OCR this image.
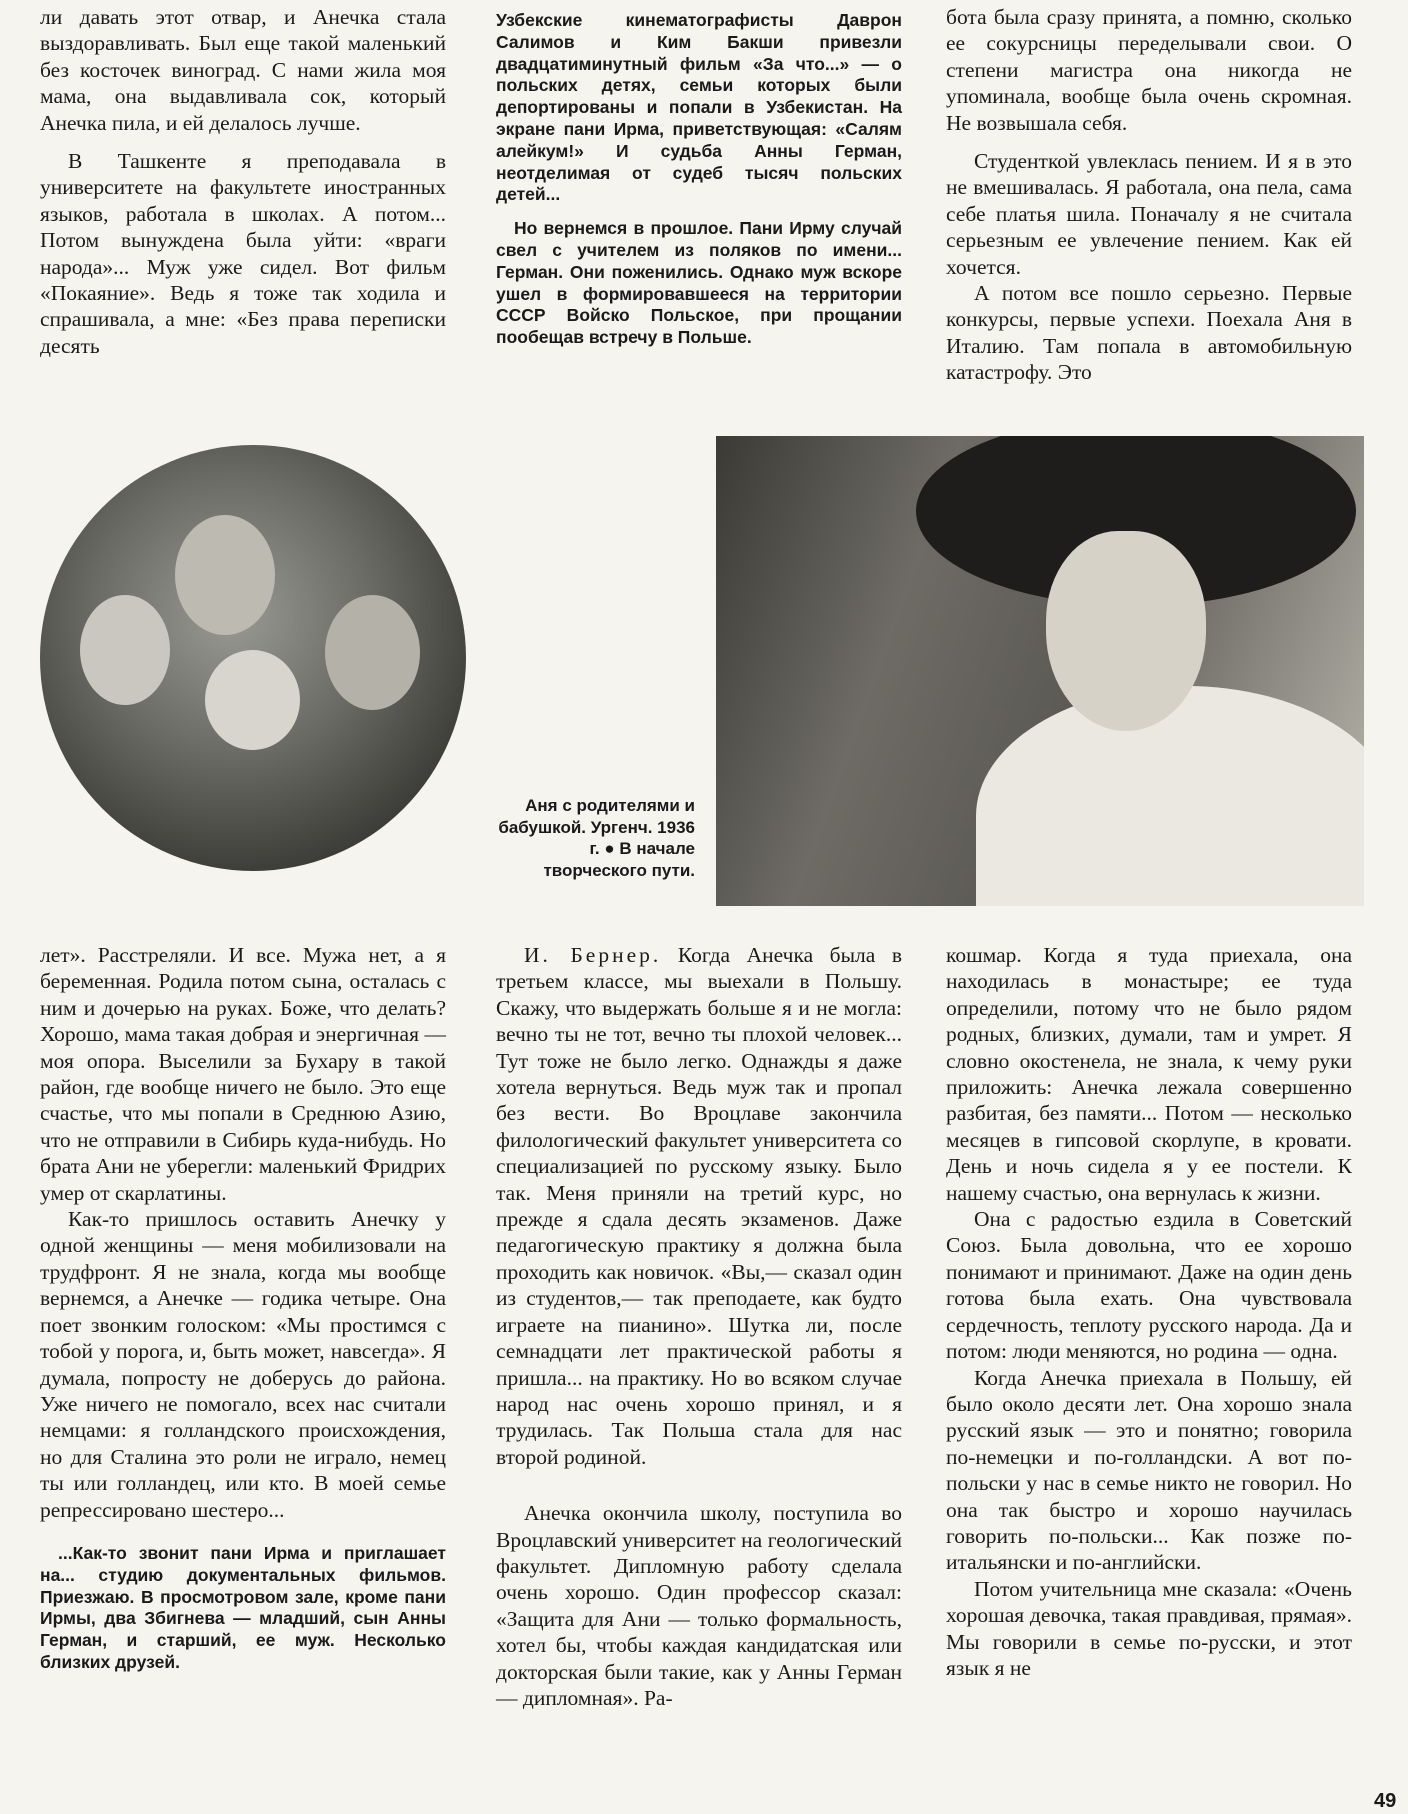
ли давать этот отвар, и Анечка стала выздоравливать. Был еще такой маленький без косточек виноград. С нами жила моя мама, она выдавливала сок, который Анечка пила, и ей делалось лучше.

В Ташкенте я преподавала в университете на факультете иностранных языков, работала в школах. А потом... Потом вынуждена была уйти: «враги народа»... Муж уже сидел. Вот фильм «Покаяние». Ведь я тоже так ходила и спрашивала, а мне: «Без права переписки десять

Узбекские кинематографисты Даврон Салимов и Ким Бакши привезли двадцатиминутный фильм «За что...» — о польских детях, семьи которых были депортированы и попали в Узбекистан. На экране пани Ирма, приветствующая: «Салям алейкум!» И судьба Анны Герман, неотделимая от судеб тысяч польских детей...

Но вернемся в прошлое. Пани Ирму случай свел с учителем из поляков по имени... Герман. Они поженились. Однако муж вскоре ушел в формировавшееся на территории СССР Войско Польское, при прощании пообещав встречу в Польше.

бота была сразу принята, а помню, сколько ее сокурсницы переделывали свои. О степени магистра она никогда не упоминала, вообще была очень скромная. Не возвышала себя.

Студенткой увлеклась пением. И я в это не вмешивалась. Я работала, она пела, сама себе платья шила. Поначалу я не считала серьезным ее увлечение пением. Как ей хочется.

А потом все пошло серьезно. Первые конкурсы, первые успехи. Поехала Аня в Италию. Там попала в автомобильную катастрофу. Это

Аня с родителями и бабушкой. Ургенч. 1936 г. ● В начале творческого пути.

лет». Расстреляли. И все. Мужа нет, а я беременная. Родила потом сына, осталась с ним и дочерью на руках. Боже, что делать? Хорошо, мама такая добрая и энергичная — моя опора. Выселили за Бухару в такой район, где вообще ничего не было. Это еще счастье, что мы попали в Среднюю Азию, что не отправили в Сибирь куда-нибудь. Но брата Ани не уберегли: маленький Фридрих умер от скарлатины.

Как-то пришлось оставить Анечку у одной женщины — меня мобилизовали на трудфронт. Я не знала, когда мы вообще вернемся, а Анечке — годика четыре. Она поет звонким голоском: «Мы простимся с тобой у порога, и, быть может, навсегда». Я думала, попросту не доберусь до района. Уже ничего не помогало, всех нас считали немцами: я голландского происхождения, но для Сталина это роли не играло, немец ты или голландец, или кто. В моей семье репрессировано шестеро...

...Как-то звонит пани Ирма и приглашает на... студию документальных фильмов. Приезжаю. В просмотровом зале, кроме пани Ирмы, два Збигнева — младший, сын Анны Герман, и старший, ее муж. Несколько близких друзей.

И. Бернер. Когда Анечка была в третьем классе, мы выехали в Польшу. Скажу, что выдержать больше я и не могла: вечно ты не тот, вечно ты плохой человек... Тут тоже не было легко. Однажды я даже хотела вернуться. Ведь муж так и пропал без вести. Во Вроцлаве закончила филологический факультет университета со специализацией по русскому языку. Было так. Меня приняли на третий курс, но прежде я сдала десять экзаменов. Даже педагогическую практику я должна была проходить как новичок. «Вы,— сказал один из студентов,— так преподаете, как будто играете на пианино». Шутка ли, после семнадцати лет практической работы я пришла... на практику. Но во всяком случае народ нас очень хорошо принял, и я трудилась. Так Польша стала для нас второй родиной.

Анечка окончила школу, поступила во Вроцлавский университет на геологический факультет. Дипломную работу сделала очень хорошо. Один профессор сказал: «Защита для Ани — только формальность, хотел бы, чтобы каждая кандидатская или докторская были такие, как у Анны Герман — дипломная». Ра-

кошмар. Когда я туда приехала, она находилась в монастыре; ее туда определили, потому что не было рядом родных, близких, думали, там и умрет. Я словно окостенела, не знала, к чему руки приложить: Анечка лежала совершенно разбитая, без памяти... Потом — несколько месяцев в гипсовой скорлупе, в кровати. День и ночь сидела я у ее постели. К нашему счастью, она вернулась к жизни.

Она с радостью ездила в Советский Союз. Была довольна, что ее хорошо понимают и принимают. Даже на один день готова была ехать. Она чувствовала сердечность, теплоту русского народа. Да и потом: люди меняются, но родина — одна.

Когда Анечка приехала в Польшу, ей было около десяти лет. Она хорошо знала русский язык — это и понятно; говорила по-немецки и по-голландски. А вот по-польски у нас в семье никто не говорил. Но она так быстро и хорошо научилась говорить по-польски... Как позже по-итальянски и по-английски.

Потом учительница мне сказала: «Очень хорошая девочка, такая правдивая, прямая». Мы говорили в семье по-русски, и этот язык я не

49
